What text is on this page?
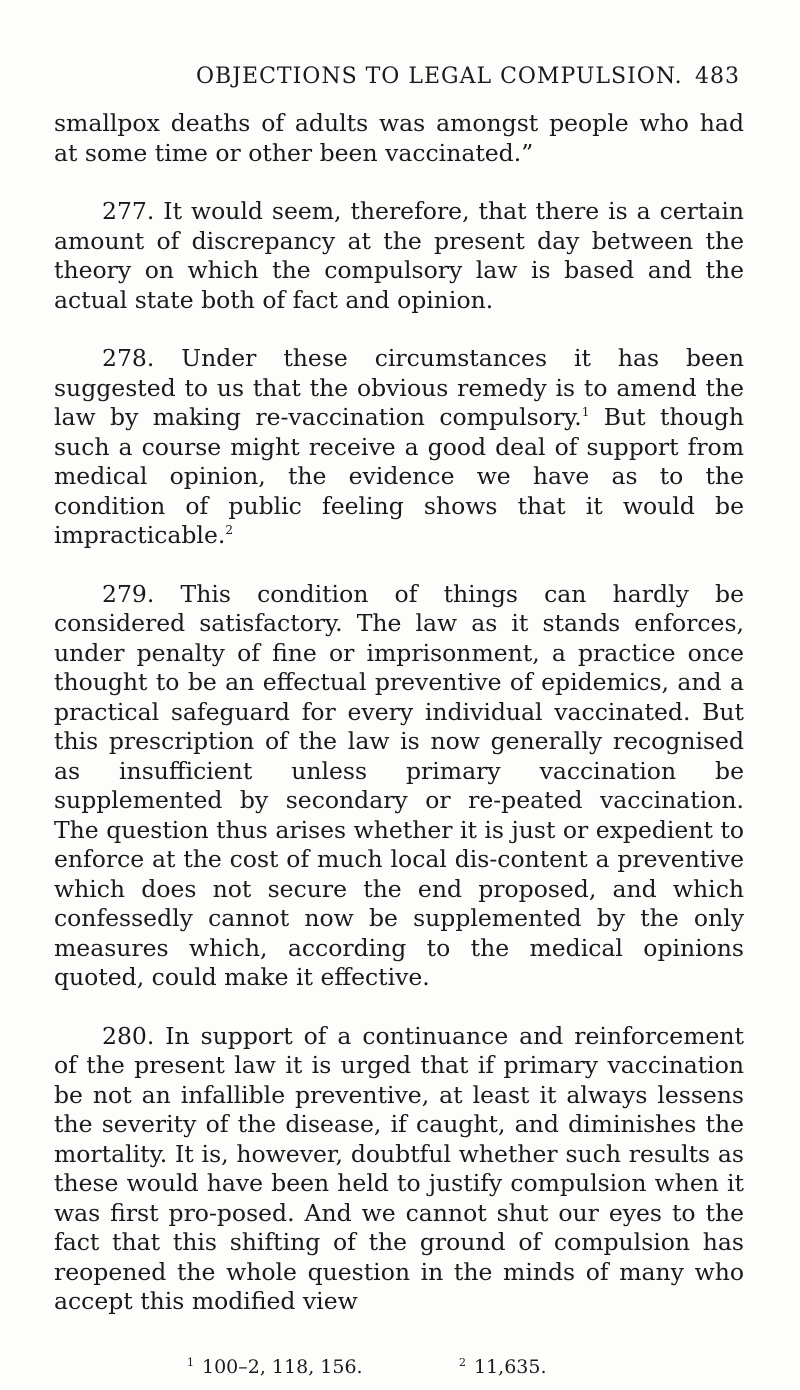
OBJECTIONS TO LEGAL COMPULSION. 483

smallpox deaths of adults was amongst people who had at some time or other been vaccinated.”

277. It would seem, therefore, that there is a certain amount of discrepancy at the present day between the theory on which the compulsory law is based and the actual state both of fact and opinion.

278. Under these circumstances it has been suggested to us that the obvious remedy is to amend the law by making re-vaccination compulsory.$^1$ But though such a course might receive a good deal of support from medical opinion, the evidence we have as to the condition of public feeling shows that it would be impracticable.$^2$

279. This condition of things can hardly be considered satisfactory. The law as it stands enforces, under penalty of fine or imprisonment, a practice once thought to be an effectual preventive of epidemics, and a practical safeguard for every individual vaccinated. But this prescription of the law is now generally recognised as insufficient unless primary vaccination be supplemented by secondary or re-peated vaccination. The question thus arises whether it is just or expedient to enforce at the cost of much local dis-content a preventive which does not secure the end proposed, and which confessedly cannot now be supplemented by the only measures which, according to the medical opinions quoted, could make it effective.

280. In support of a continuance and reinforcement of the present law it is urged that if primary vaccination be not an infallible preventive, at least it always lessens the severity of the disease, if caught, and diminishes the mortality. It is, however, doubtful whether such results as these would have been held to justify compulsion when it was first pro-posed. And we cannot shut our eyes to the fact that this shifting of the ground of compulsion has reopened the whole question in the minds of many who accept this modified view

$^1$ 100–2, 118, 156.	$^2$ 11,635.
